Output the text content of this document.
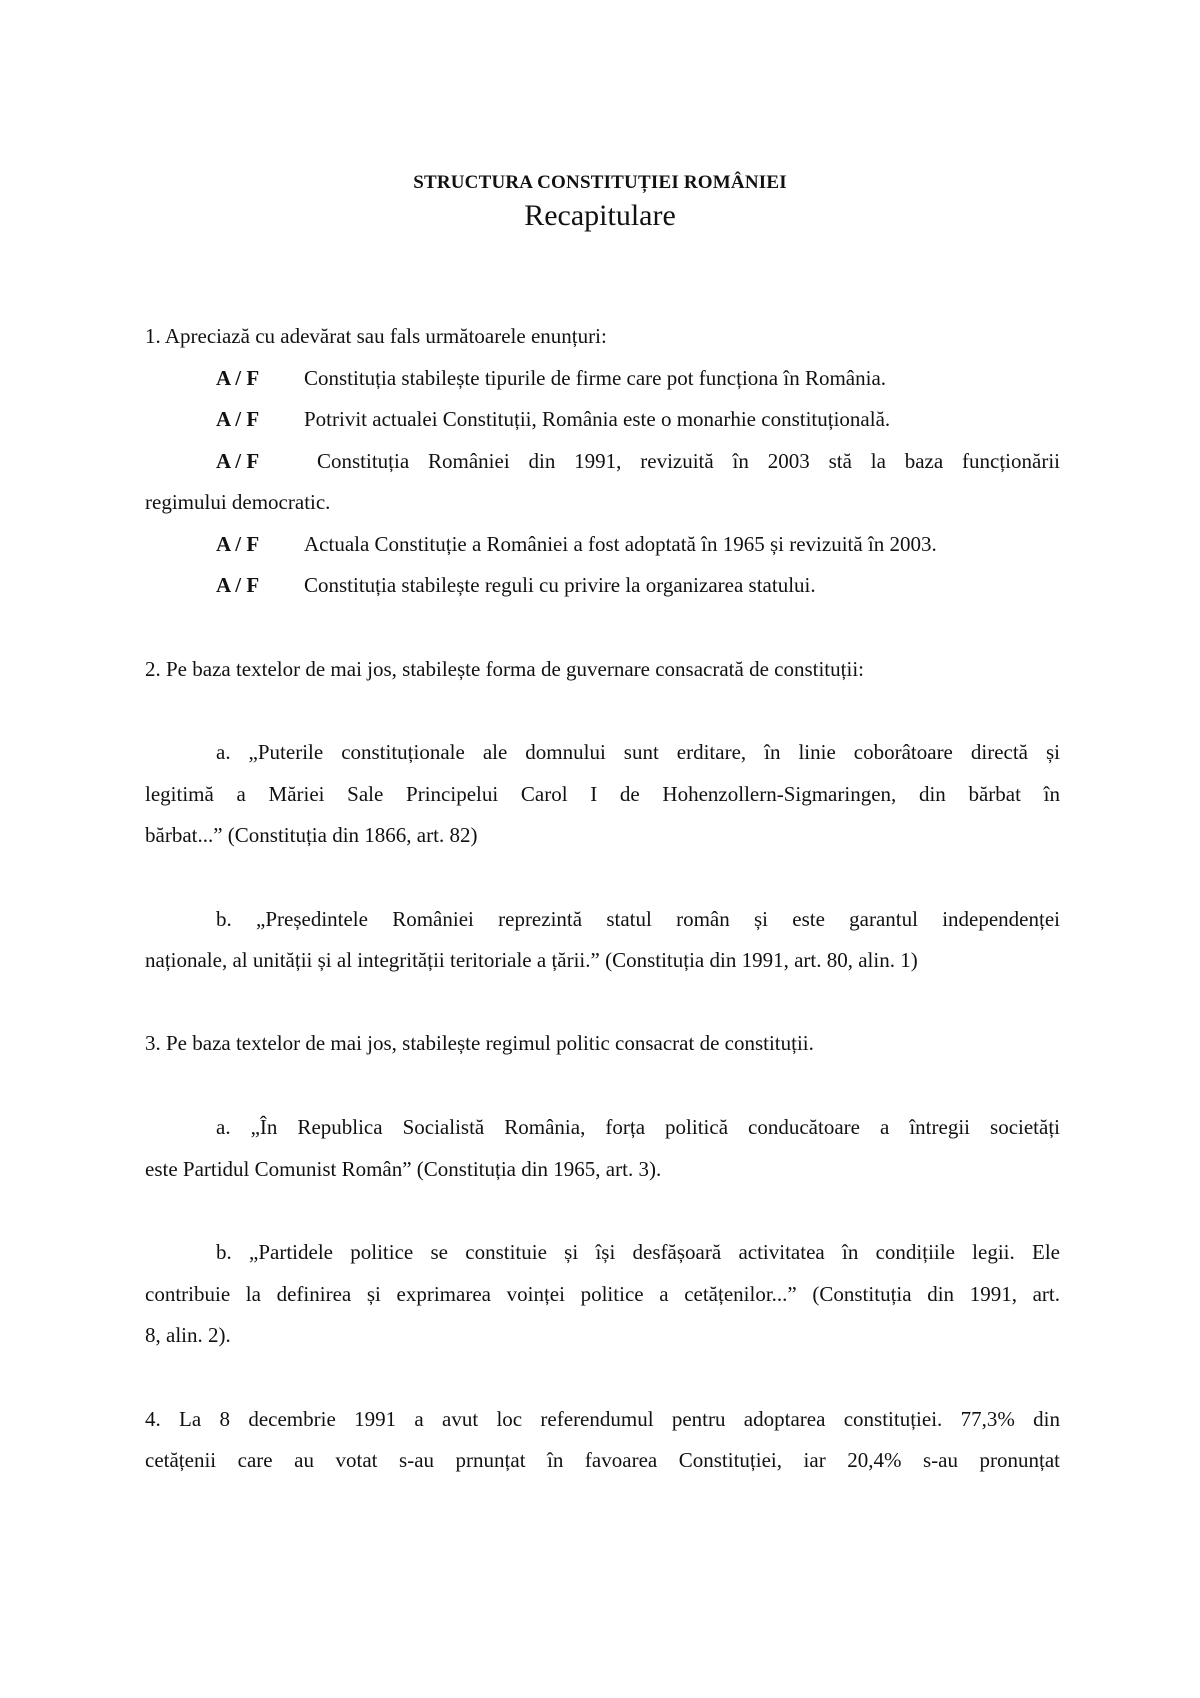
STRUCTURA CONSTITUȚIEI ROMÂNIEI
Recapitulare
1. Apreciază cu adevărat sau fals următoarele enunțuri:
A / F Constituția stabilește tipurile de firme care pot funcționa în România.
A / F Potrivit actualei Constituții, România este o monarhie constituțională.
A / F	Constituția României din 1991, revizuită în 2003 stă la baza funcționării
regimului democratic.
A / F Actuala Constituție a României a fost adoptată în 1965 și revizuită în 2003.
A / F Constituția stabilește reguli cu privire la organizarea statului.
2. Pe baza textelor de mai jos, stabilește forma de guvernare consacrată de constituții:
a. „Puterile constituționale ale domnului sunt erditare, în linie coborâtoare directă și
legitimă a Măriei Sale Principelui Carol I de Hohenzollern-Sigmaringen, din bărbat în
bărbat...” (Constituția din 1866, art. 82)
b. „Președintele României reprezintă statul român și este garantul independenței
naționale, al unității și al integrității teritoriale a țării.” (Constituția din 1991, art. 80, alin. 1)
3. Pe baza textelor de mai jos, stabilește regimul politic consacrat de constituții.
a. „În Republica Socialistă România, forța politică conducătoare a întregii societăți
este Partidul Comunist Român” (Constituția din 1965, art. 3).
b. „Partidele politice se constituie și își desfășoară activitatea în condițiile legii. Ele
contribuie la definirea și exprimarea voinței politice a cetățenilor...” (Constituția din 1991, art.
8, alin. 2).
4. La 8 decembrie 1991 a avut loc referendumul pentru adoptarea constituției. 77,3% din
cetățenii care au votat s-au prnunțat în favoarea Constituției, iar 20,4% s-au pronunțat
